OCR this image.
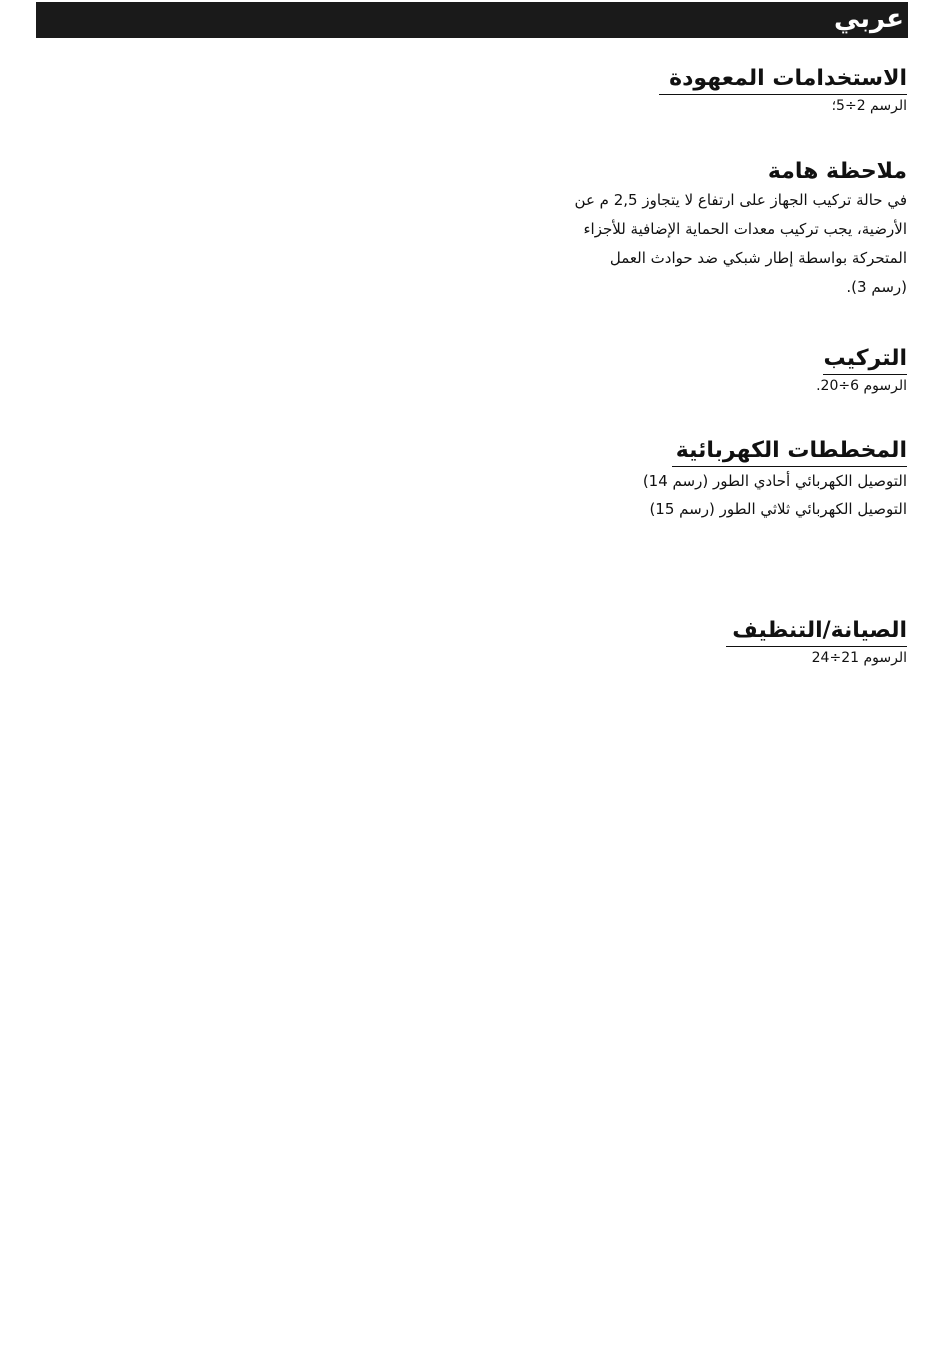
عربي
الاستخدامات المعهودة
الرسم 2÷5؛
ملاحظة هامة
في حالة تركيب الجهاز على ارتفاع لا يتجاوز 2,5 م عن
الأرضية، يجب تركيب معدات الحماية الإضافية للأجزاء
المتحركة بواسطة إطار شبكي ضد حوادث العمل
(رسم 3).
التركيب
الرسوم 6÷20.
المخططات الكهربائية
التوصيل الكهربائي أحادي الطور (رسم 14)
التوصيل الكهربائي ثلاثي الطور (رسم 15)
الصيانة/التنظيف
الرسوم 21÷24
